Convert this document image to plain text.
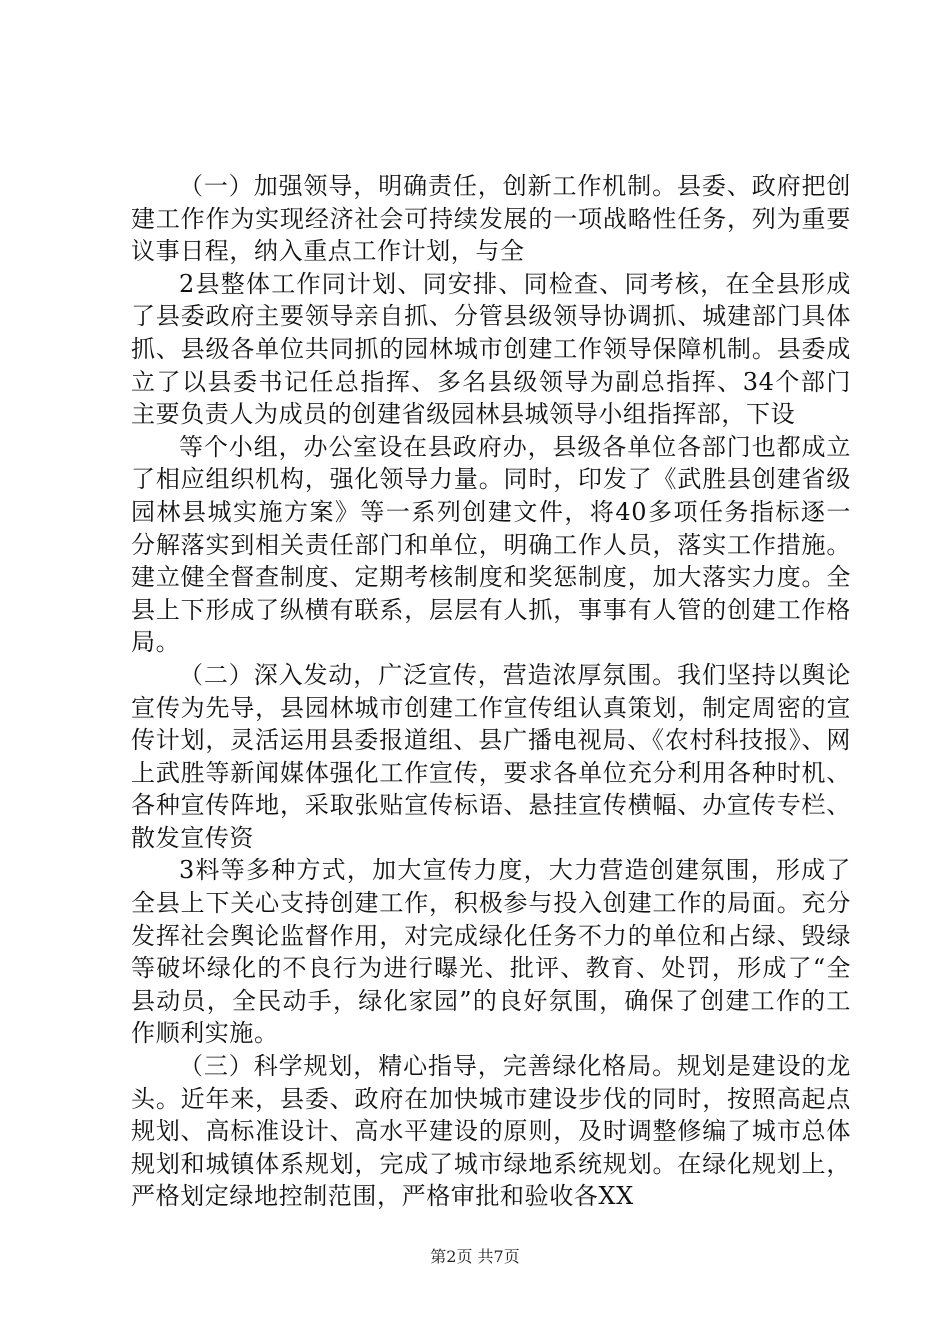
（一）加强领导，明确责任，创新工作机制。县委、政府把创建工作作为实现经济社会可持续发展的一项战略性任务，列为重要议事日程，纳入重点工作计划，与全

2县整体工作同计划、同安排、同检查、同考核，在全县形成了县委政府主要领导亲自抓、分管县级领导协调抓、城建部门具体抓、县级各单位共同抓的园林城市创建工作领导保障机制。县委成立了以县委书记任总指挥、多名县级领导为副总指挥、34个部门主要负责人为成员的创建省级园林县城领导小组指挥部，下设

等个小组，办公室设在县政府办，县级各单位各部门也都成立了相应组织机构，强化领导力量。同时，印发了《武胜县创建省级园林县城实施方案》等一系列创建文件，将40多项任务指标逐一分解落实到相关责任部门和单位，明确工作人员，落实工作措施。建立健全督查制度、定期考核制度和奖惩制度，加大落实力度。全县上下形成了纵横有联系，层层有人抓，事事有人管的创建工作格局。

（二）深入发动，广泛宣传，营造浓厚氛围。我们坚持以舆论宣传为先导，县园林城市创建工作宣传组认真策划，制定周密的宣传计划，灵活运用县委报道组、县广播电视局、《农村科技报》、网上武胜等新闻媒体强化工作宣传，要求各单位充分利用各种时机、各种宣传阵地，采取张贴宣传标语、悬挂宣传横幅、办宣传专栏、散发宣传资

3料等多种方式，加大宣传力度，大力营造创建氛围，形成了全县上下关心支持创建工作，积极参与投入创建工作的局面。充分发挥社会舆论监督作用，对完成绿化任务不力的单位和占绿、毁绿等破坏绿化的不良行为进行曝光、批评、教育、处罚，形成了“全县动员，全民动手，绿化家园”的良好氛围，确保了创建工作的工作顺利实施。

（三）科学规划，精心指导，完善绿化格局。规划是建设的龙头。近年来，县委、政府在加快城市建设步伐的同时，按照高起点规划、高标准设计、高水平建设的原则，及时调整修编了城市总体规划和城镇体系规划，完成了城市绿地系统规划。在绿化规划上，严格划定绿地控制范围，严格审批和验收各XX

第2页 共7页
